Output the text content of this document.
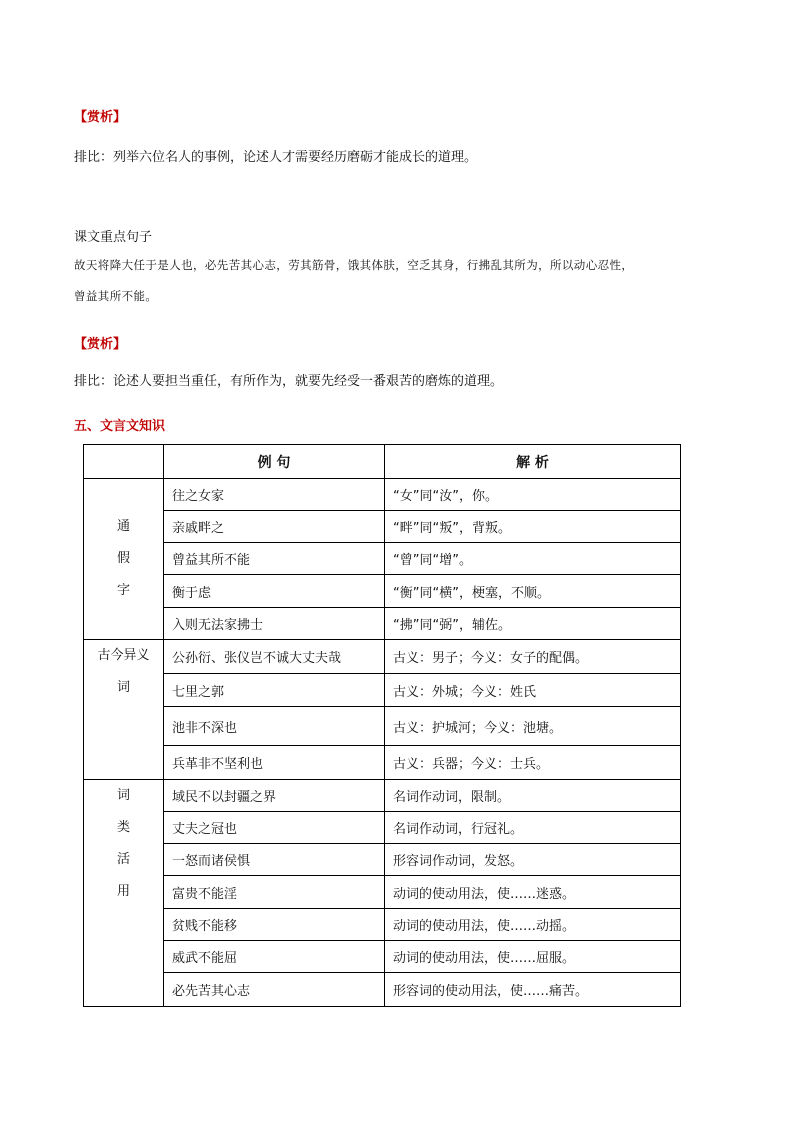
【赏析】
排比：列举六位名人的事例，论述人才需要经历磨砺才能成长的道理。
课文重点句子
故天将降大任于是人也，必先苦其心志，劳其筋骨，饿其体肤，空乏其身，行拂乱其所为，所以动心忍性，
曾益其所不能。
【赏析】
排比：论述人要担当重任，有所作为，就要先经受一番艰苦的磨炼的道理。
五、文言文知识
	例 句	解 析

通
假
字	往之女家	“女”同“汝”，你。
	亲戚畔之	“畔”同“叛”，背叛。
	曾益其所不能	“曾”同“增”。
	衡于虑	“衡”同“横”，梗塞，不顺。
	入则无法家拂士	“拂”同“弼”，辅佐。

古今异义
词	公孙衍、张仪岂不诚大丈夫哉	古义：男子；今义：女子的配偶。
	七里之郭	古义：外城；今义：姓氏
	池非不深也	古义：护城河；今义：池塘。
	兵革非不坚利也	古义：兵器；今义：士兵。

词
类
活
用	域民不以封疆之界	名词作动词，限制。
	丈夫之冠也	名词作动词，行冠礼。
	一怒而诸侯惧	形容词作动词，发怒。
	富贵不能淫	动词的使动用法，使……迷惑。
	贫贱不能移	动词的使动用法，使……动摇。
	威武不能屈	动词的使动用法，使……屈服。
	必先苦其心志	形容词的使动用法，使……痛苦。
